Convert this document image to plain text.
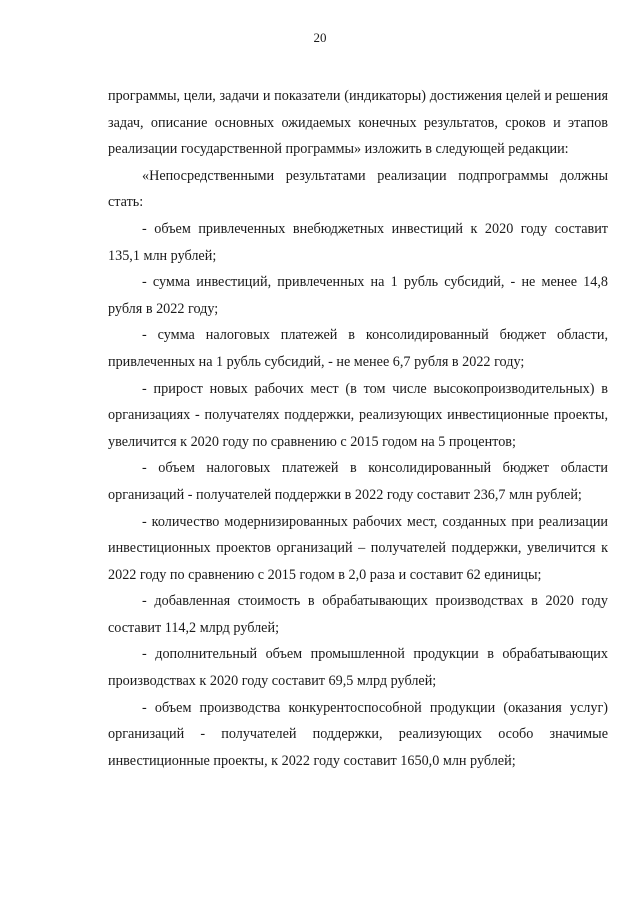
20

программы, цели, задачи и показатели (индикаторы) достижения целей и решения задач, описание основных ожидаемых конечных результатов, сроков и этапов реализации государственной программы» изложить в следующей редакции:

«Непосредственными результатами реализации подпрограммы должны стать:

- объем привлеченных внебюджетных инвестиций к 2020 году составит 135,1 млн рублей;

- сумма инвестиций, привлеченных на 1 рубль субсидий, - не менее 14,8 рубля в 2022 году;

- сумма налоговых платежей в консолидированный бюджет области, привлеченных на 1 рубль субсидий, - не менее 6,7 рубля в 2022 году;

- прирост новых рабочих мест (в том числе высокопроизводительных) в организациях - получателях поддержки, реализующих инвестиционные проекты, увеличится к 2020 году по сравнению с 2015 годом на 5 процентов;

- объем налоговых платежей в консолидированный бюджет области организаций - получателей поддержки в 2022 году составит 236,7 млн рублей;

- количество модернизированных рабочих мест, созданных при реализации инвестиционных проектов организаций – получателей поддержки, увеличится к 2022 году по сравнению с 2015 годом в 2,0 раза и составит 62 единицы;

- добавленная стоимость в обрабатывающих производствах в 2020 году составит 114,2 млрд рублей;

- дополнительный объем промышленной продукции в обрабатывающих производствах к 2020 году составит 69,5 млрд рублей;

- объем производства конкурентоспособной продукции (оказания услуг) организаций - получателей поддержки, реализующих особо значимые инвестиционные проекты, к 2022 году составит 1650,0 млн рублей;
